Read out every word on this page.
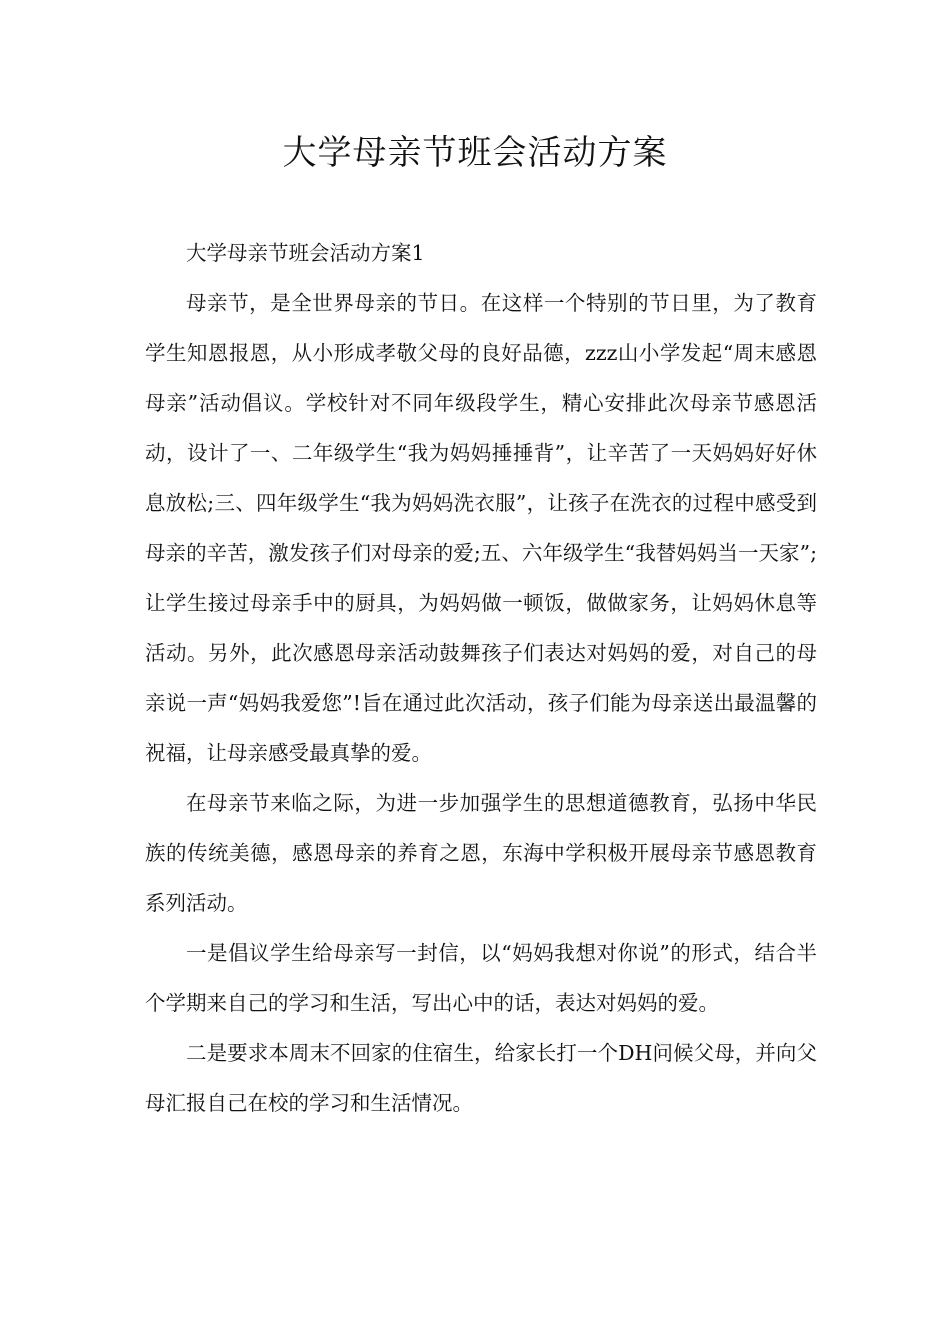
大学母亲节班会活动方案

大学母亲节班会活动方案1

母亲节，是全世界母亲的节日。在这样一个特别的节日里，为了教育学生知恩报恩，从小形成孝敬父母的良好品德，zzz山小学发起“周末感恩母亲”活动倡议。学校针对不同年级段学生，精心安排此次母亲节感恩活动，设计了一、二年级学生“我为妈妈捶捶背”，让辛苦了一天妈妈好好休息放松;三、四年级学生“我为妈妈洗衣服”，让孩子在洗衣的过程中感受到母亲的辛苦，激发孩子们对母亲的爱;五、六年级学生“我替妈妈当一天家”;让学生接过母亲手中的厨具，为妈妈做一顿饭，做做家务，让妈妈休息等活动。另外，此次感恩母亲活动鼓舞孩子们表达对妈妈的爱，对自己的母亲说一声“妈妈我爱您”!旨在通过此次活动，孩子们能为母亲送出最温馨的祝福，让母亲感受最真挚的爱。

在母亲节来临之际，为进一步加强学生的思想道德教育，弘扬中华民族的传统美德，感恩母亲的养育之恩，东海中学积极开展母亲节感恩教育系列活动。

一是倡议学生给母亲写一封信，以“妈妈我想对你说”的形式，结合半个学期来自己的学习和生活，写出心中的话，表达对妈妈的爱。

二是要求本周末不回家的住宿生，给家长打一个DH问候父母，并向父母汇报自己在校的学习和生活情况。
